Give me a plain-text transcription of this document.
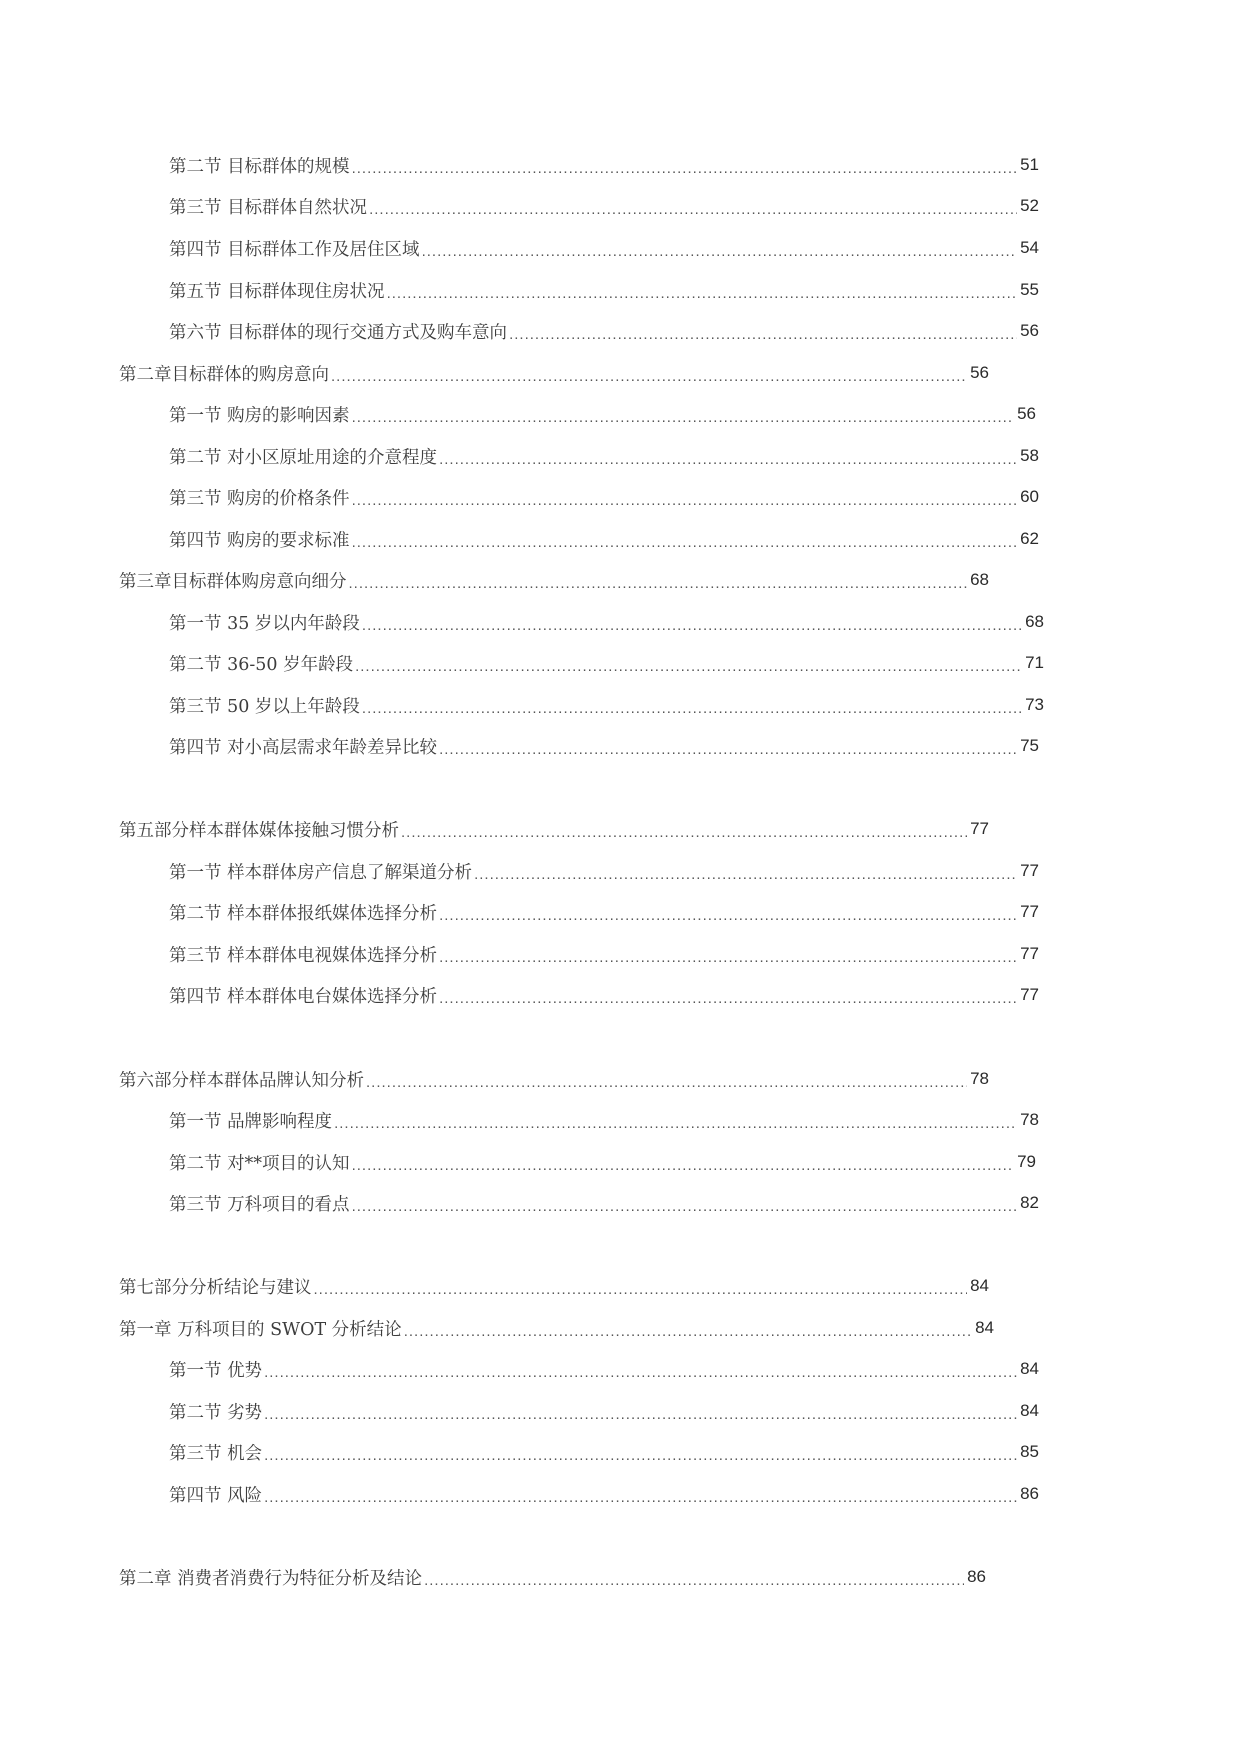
第二节 目标群体的规模 .....	51
第三节 目标群体自然状况 .....	52
第四节 目标群体工作及居住区域 .....	54
第五节 目标群体现住房状况 .....	55
第六节 目标群体的现行交通方式及购车意向 .....	56
第二章目标群体的购房意向 .....	56
第一节 购房的影响因素 .....	56
第二节 对小区原址用途的介意程度 .....	58
第三节 购房的价格条件 .....	60
第四节 购房的要求标准 .....	62
第三章目标群体购房意向细分 .....	68
第一节 35 岁以内年龄段 .....	68
第二节 36-50 岁年龄段 .....	71
第三节 50 岁以上年龄段 .....	73
第四节 对小高层需求年龄差异比较 .....	75
第五部分样本群体媒体接触习惯分析 .....	77
第一节 样本群体房产信息了解渠道分析 .....	77
第二节 样本群体报纸媒体选择分析 .....	77
第三节 样本群体电视媒体选择分析 .....	77
第四节 样本群体电台媒体选择分析 .....	77
第六部分样本群体品牌认知分析 .....	78
第一节 品牌影响程度 .....	78
第二节 对**项目的认知 .....	79
第三节 万科项目的看点 .....	82
第七部分分析结论与建议 .....	84
第一章 万科项目的 SWOT 分析结论 .....	84
第一节 优势 .....	84
第二节 劣势 .....	84
第三节 机会 .....	85
第四节 风险 .....	86
第二章 消费者消费行为特征分析及结论 .....	86
